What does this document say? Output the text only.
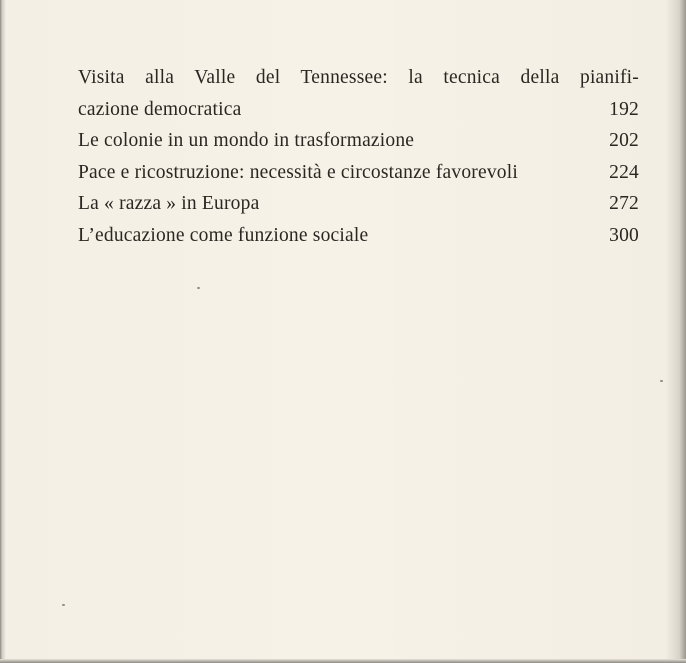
Visita alla Valle del Tennessee: la tecnica della pianifi-
cazione democratica	192
Le colonie in un mondo in trasformazione	202
Pace e ricostruzione: necessità e circostanze favorevoli	224
La « razza » in Europa	272
L’educazione come funzione sociale	300
